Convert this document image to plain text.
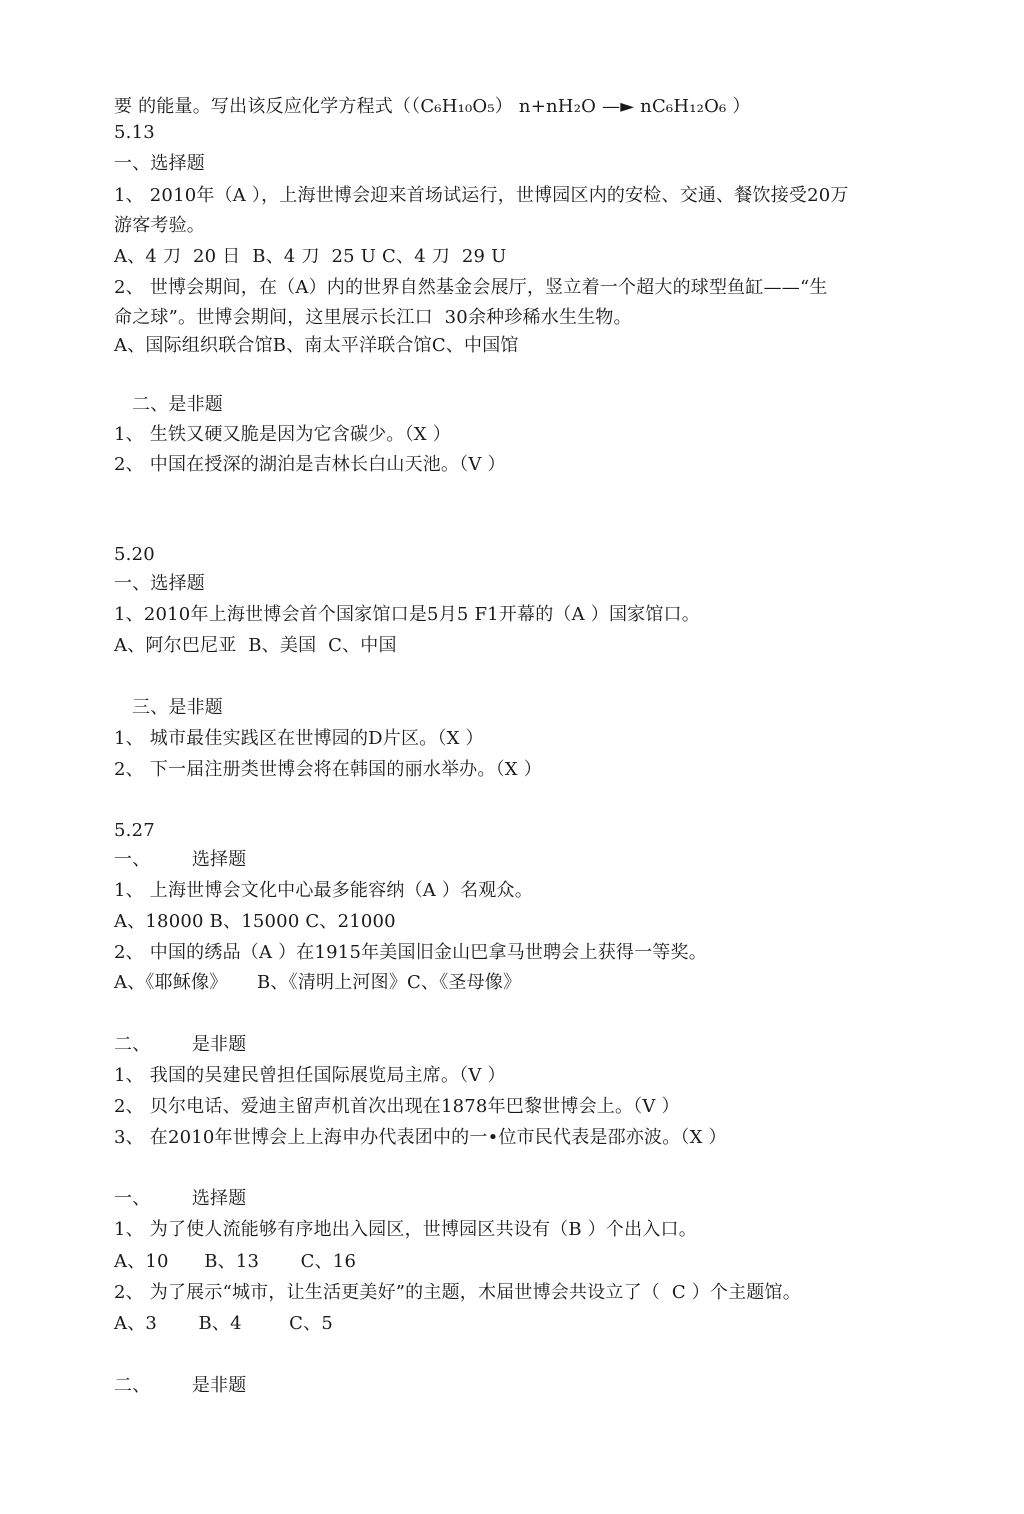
要 的能量。写出该反应化学方程式（（C₆H₁₀O₅） n+nH₂O —► nC₆H₁₂O₆ ）
5.13
一、选择题
1、 2010年（A ），上海世博会迎来首场试运行，世博园区内的安检、交通、餐饮接受20万
游客考验。
A、4 刀  20 日  B、4 刀  25 U C、4 刀  29 U
2、 世博会期间，在（A）内的世界自然基金会展厅，竖立着一个超大的球型鱼缸——“生
命之球”。世博会期间，这里展示长江口  30余种珍稀水生生物。
A、国际组织联合馆B、南太平洋联合馆C、中国馆
二、是非题
1、 生铁又硬又脆是因为它含碳少。（X ）
2、 中国在授深的湖泊是吉林长白山天池。（V ）
5.20
一、选择题
1、2010年上海世博会首个国家馆口是5月5 F1开幕的（A ）国家馆口。
A、阿尔巴尼亚  B、美国  C、中国
三、是非题
1、 城市最佳实践区在世博园的D片区。（X ）
2、 下一届注册类世博会将在韩国的丽水举办。（X ）
5.27
一、       选择题
1、 上海世博会文化中心最多能容纳（A ）名观众。
A、18000 B、15000 C、21000
2、 中国的绣品（A ）在1915年美国旧金山巴拿马世聘会上获得一等奖。
A、《耶稣像》     B、《清明上河图》C、《圣母像》
二、       是非题
1、 我国的吴建民曾担任国际展览局主席。（V ）
2、 贝尔电话、爱迪主留声机首次出现在1878年巴黎世博会上。（V ）
3、 在2010年世博会上上海申办代表团中的一•位市民代表是邵亦波。（X ）
一、       选择题
1、 为了使人流能够有序地出入园区，世博园区共设有（B ）个出入口。
A、10      B、13       C、16
2、 为了展示“城市，让生活更美好”的主题，木届世博会共设立了（  C ）个主题馆。
A、3       B、4        C、5
二、       是非题
